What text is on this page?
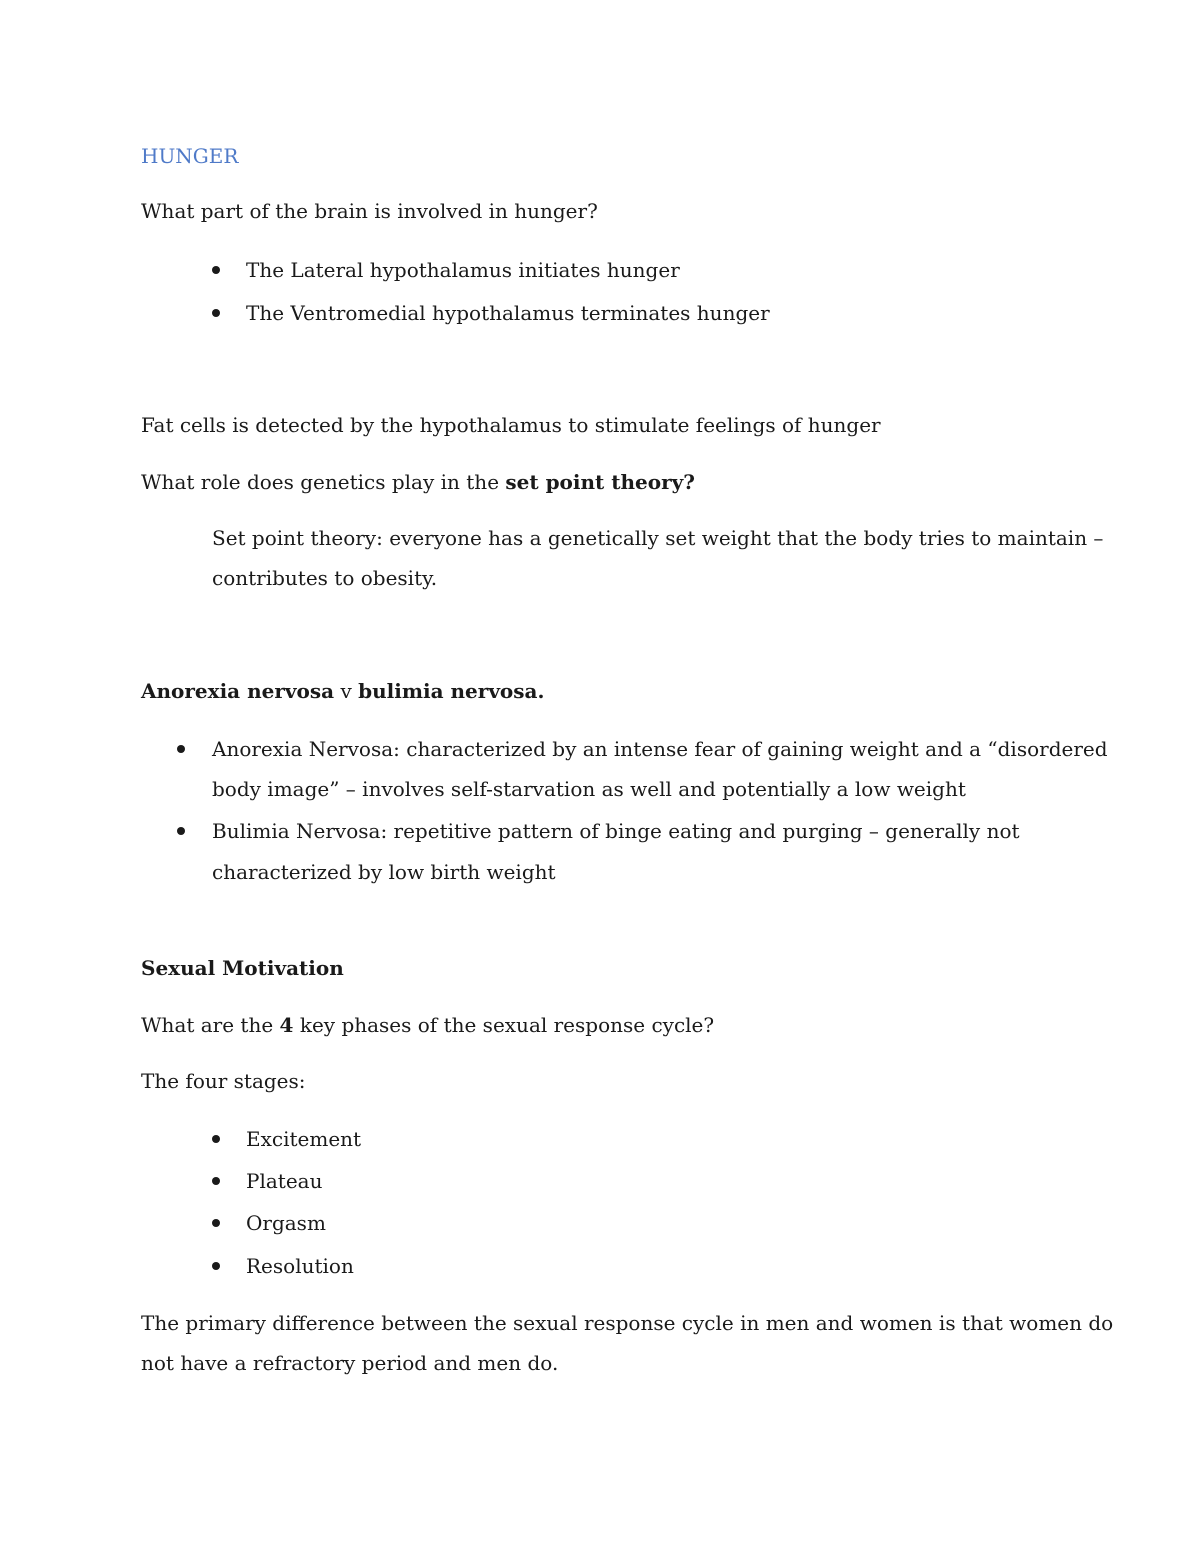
HUNGER
What part of the brain is involved in hunger?
The Lateral hypothalamus initiates hunger
The Ventromedial hypothalamus terminates hunger
Fat cells is detected by the hypothalamus to stimulate feelings of hunger
What role does genetics play in the set point theory?
Set point theory: everyone has a genetically set weight that the body tries to maintain –
contributes to obesity.
Anorexia nervosa v bulimia nervosa.
Anorexia Nervosa: characterized by an intense fear of gaining weight and a “disordered
body image” – involves self-starvation as well and potentially a low weight
Bulimia Nervosa: repetitive pattern of binge eating and purging – generally not
characterized by low birth weight
Sexual Motivation
What are the 4 key phases of the sexual response cycle?
The four stages:
Excitement
Plateau
Orgasm
Resolution
The primary difference between the sexual response cycle in men and women is that women do
not have a refractory period and men do.
